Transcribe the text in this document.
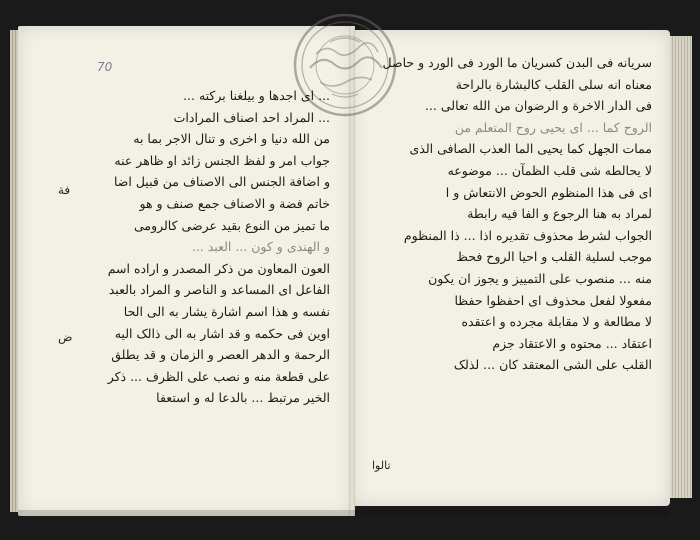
70
... ای اجدها و بیلغنا برکته ...
... المراد احد اصناف المرادات
من الله دنیا و اخری و تنال الاجر بما به
جواب امر و لفظ الجنس زائد او ظاهر عنه
و اضافة الجنس الی الاصناف من قبیل اضا
خاتم فضة و الاصناف جمع صنف و هو
ما تمیز من النوع بقید عرضی کالرومی
و الهندی و کون ... العبد ...
العون المعاون من ذکر المصدر و اراده اسم
الفاعل ای المساعد و الناصر و المراد بالعبد
نفسه و هذا اسم اشارة یشار به الی الحا
اوین فی حکمه و قد اشار به الی ذالک الیه
الرحمة و الدهر العصر و الزمان و قد یطلق
علی قطعة منه و نصب علی الظرف ... ذکر
الخیر مرتبط ... بالدعا له و استعفا
سریانه فی البدن کسریان ما الورد فی الورد و حاصل
معناه انه سلی القلب کالبشارة بالراحة
فی الدار الاخرة و الرضوان من الله تعالی ...
الروح کما ... ای یحیی روح المتعلم من
ممات الجهل کما یحیی الما العذب الصافی الذی
لا یحالطه شی قلب الظمآن ... موضوعه
ای فی هذا المنظوم الحوض الانتعاش و ا
لمراد به هنا الرجوع و الفا فیه رابطة
الجواب لشرط محذوف تقدیره اذا ... ذا المنظوم
موجب لسلیة القلب و احیا الروح فحظ
منه ... منصوب علی التمییز و یجوز ان یکون
مفعولا لفعل محذوف ای احفظوا حفظا
لا مطالعة و لا مقابلة مجرده و اعتقده
اعتقاد ... محتوه و الاعتقاد جزم
القلب علی الشی المعتقد کان ... لذلک
فة
ض
تالوا
